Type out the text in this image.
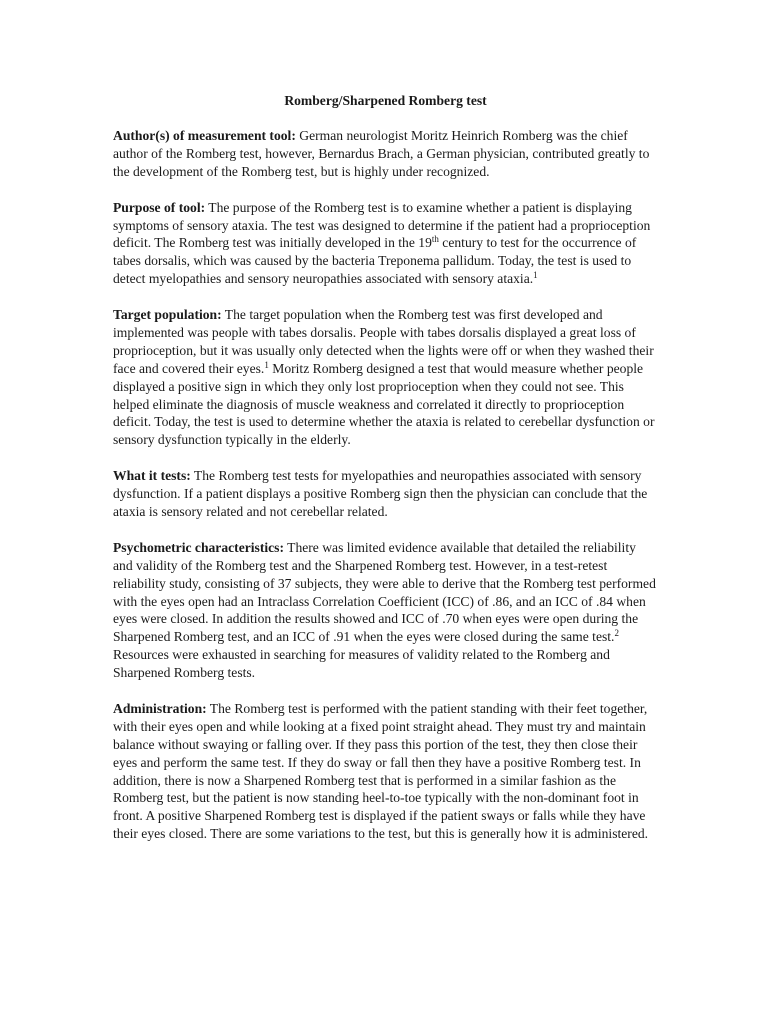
Romberg/Sharpened Romberg test

Author(s) of measurement tool: German neurologist Moritz Heinrich Romberg was the chief author of the Romberg test, however, Bernardus Brach, a German physician, contributed greatly to the development of the Romberg test, but is highly under recognized.

Purpose of tool: The purpose of the Romberg test is to examine whether a patient is displaying symptoms of sensory ataxia. The test was designed to determine if the patient had a proprioception deficit. The Romberg test was initially developed in the 19th century to test for the occurrence of tabes dorsalis, which was caused by the bacteria Treponema pallidum. Today, the test is used to detect myelopathies and sensory neuropathies associated with sensory ataxia.$^1$

Target population: The target population when the Romberg test was first developed and implemented was people with tabes dorsalis. People with tabes dorsalis displayed a great loss of proprioception, but it was usually only detected when the lights were off or when they washed their face and covered their eyes.$^1$ Moritz Romberg designed a test that would measure whether people displayed a positive sign in which they only lost proprioception when they could not see. This helped eliminate the diagnosis of muscle weakness and correlated it directly to proprioception deficit. Today, the test is used to determine whether the ataxia is related to cerebellar dysfunction or sensory dysfunction typically in the elderly.

What it tests: The Romberg test tests for myelopathies and neuropathies associated with sensory dysfunction. If a patient displays a positive Romberg sign then the physician can conclude that the ataxia is sensory related and not cerebellar related.

Psychometric characteristics: There was limited evidence available that detailed the reliability and validity of the Romberg test and the Sharpened Romberg test. However, in a test-retest reliability study, consisting of 37 subjects, they were able to derive that the Romberg test performed with the eyes open had an Intraclass Correlation Coefficient (ICC) of .86, and an ICC of .84 when eyes were closed. In addition the results showed and ICC of .70 when eyes were open during the Sharpened Romberg test, and an ICC of .91 when the eyes were closed during the same test.$^2$ Resources were exhausted in searching for measures of validity related to the Romberg and Sharpened Romberg tests.

Administration: The Romberg test is performed with the patient standing with their feet together, with their eyes open and while looking at a fixed point straight ahead. They must try and maintain balance without swaying or falling over. If they pass this portion of the test, they then close their eyes and perform the same test. If they do sway or fall then they have a positive Romberg test. In addition, there is now a Sharpened Romberg test that is performed in a similar fashion as the Romberg test, but the patient is now standing heel-to-toe typically with the non-dominant foot in front. A positive Sharpened Romberg test is displayed if the patient sways or falls while they have their eyes closed. There are some variations to the test, but this is generally how it is administered.
